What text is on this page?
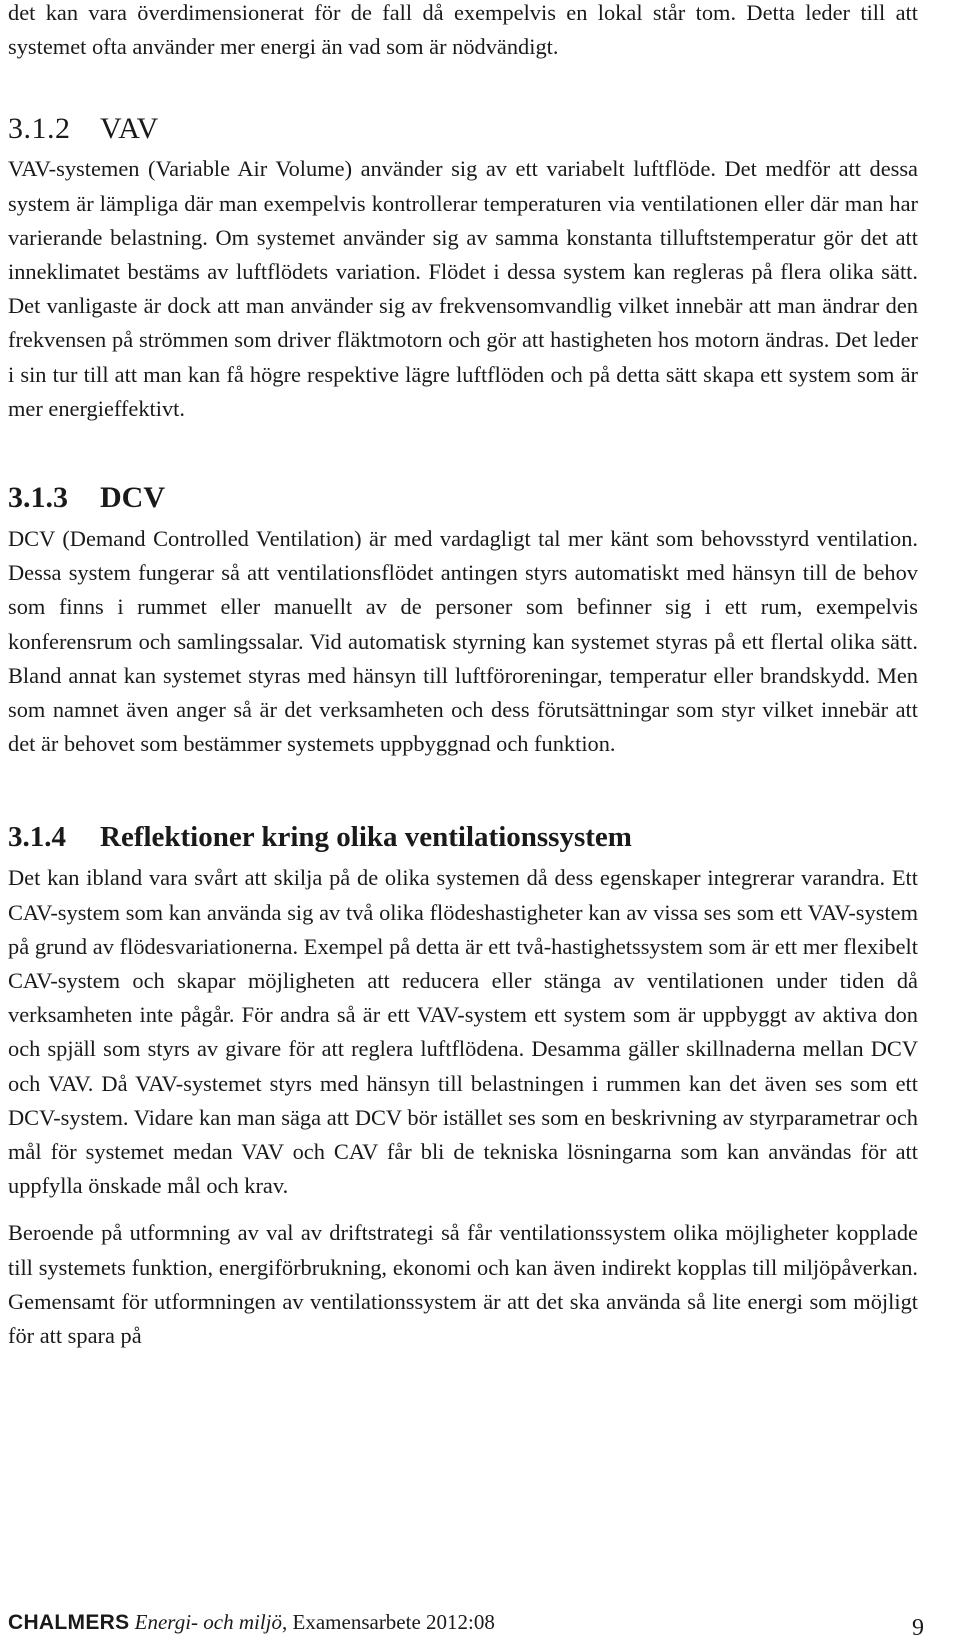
det kan vara överdimensionerat för de fall då exempelvis en lokal står tom. Detta leder till att systemet ofta använder mer energi än vad som är nödvändigt.

3.1.2 VAV

VAV-systemen (Variable Air Volume) använder sig av ett variabelt luftflöde. Det medför att dessa system är lämpliga där man exempelvis kontrollerar temperaturen via ventilationen eller där man har varierande belastning. Om systemet använder sig av samma konstanta tilluftstemperatur gör det att inneklimatet bestäms av luftflödets variation. Flödet i dessa system kan regleras på flera olika sätt. Det vanligaste är dock att man använder sig av frekvensomvandlig vilket innebär att man ändrar den frekvensen på strömmen som driver fläktmotorn och gör att hastigheten hos motorn ändras. Det leder i sin tur till att man kan få högre respektive lägre luftflöden och på detta sätt skapa ett system som är mer energieffektivt.

3.1.3	DCV

DCV (Demand Controlled Ventilation) är med vardagligt tal mer känt som behovsstyrd ventilation. Dessa system fungerar så att ventilationsflödet antingen styrs automatiskt med hänsyn till de behov som finns i rummet eller manuellt av de personer som befinner sig i ett rum, exempelvis konferensrum och samlingssalar. Vid automatisk styrning kan systemet styras på ett flertal olika sätt. Bland annat kan systemet styras med hänsyn till luftföroreningar, temperatur eller brandskydd. Men som namnet även anger så är det verksamheten och dess förutsättningar som styr vilket innebär att det är behovet som bestämmer systemets uppbyggnad och funktion.

3.1.4	Reflektioner kring olika ventilationssystem

Det kan ibland vara svårt att skilja på de olika systemen då dess egenskaper integrerar varandra. Ett CAV-system som kan använda sig av två olika flödeshastigheter kan av vissa ses som ett VAV-system på grund av flödesvariationerna. Exempel på detta är ett två-hastighetssystem som är ett mer flexibelt CAV-system och skapar möjligheten att reducera eller stänga av ventilationen under tiden då verksamheten inte pågår. För andra så är ett VAV-system ett system som är uppbyggt av aktiva don och spjäll som styrs av givare för att reglera luftflödena. Desamma gäller skillnaderna mellan DCV och VAV. Då VAV-systemet styrs med hänsyn till belastningen i rummen kan det även ses som ett DCV-system. Vidare kan man säga att DCV bör istället ses som en beskrivning av styrparametrar och mål för systemet medan VAV och CAV får bli de tekniska lösningarna som kan användas för att uppfylla önskade mål och krav.

Beroende på utformning av val av driftstrategi så får ventilationssystem olika möjligheter kopplade till systemets funktion, energiförbrukning, ekonomi och kan även indirekt kopplas till miljöpåverkan. Gemensamt för utformningen av ventilationssystem är att det ska använda så lite energi som möjligt för att spara på

CHALMERS Energi- och miljö, Examensarbete 2012:08	9
